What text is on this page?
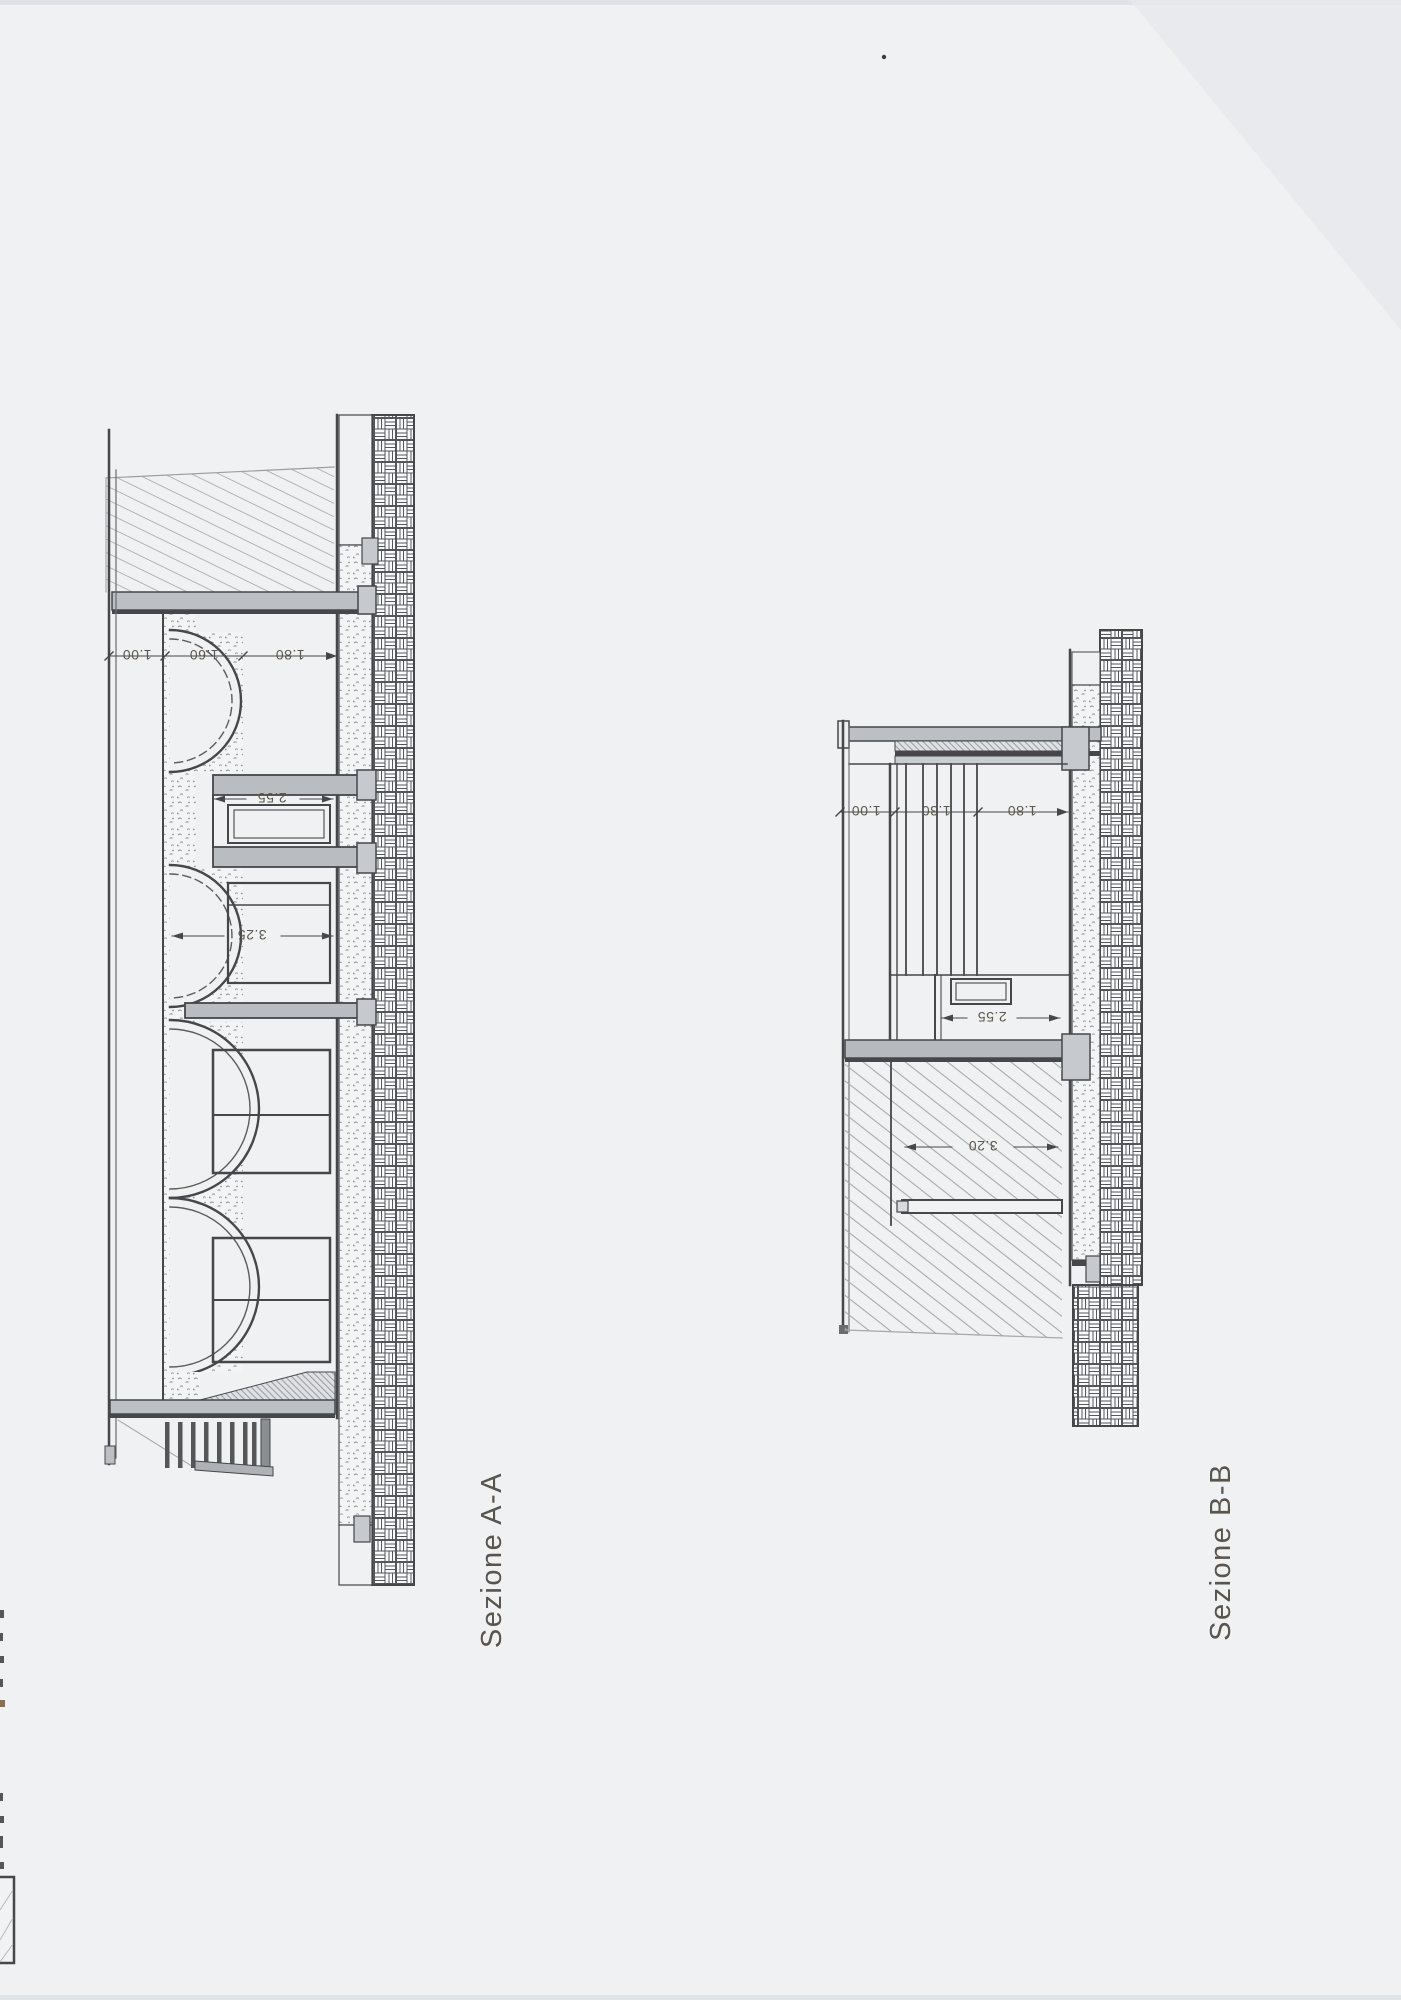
1.00	1.60	1.80
2.55
3.25
Sezione A-A
1.00	1.30	1.80
2.55
3.20
Sezione B-B
